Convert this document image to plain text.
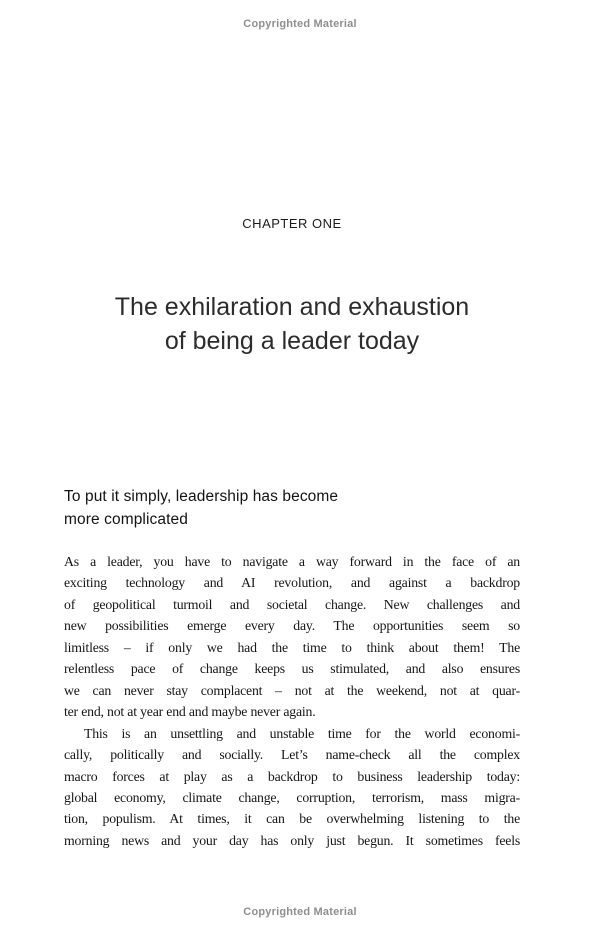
Copyrighted Material
CHAPTER ONE
The exhilaration and exhaustion
of being a leader today
To put it simply, leadership has become
more complicated
As a leader, you have to navigate a way forward in the face of an
exciting technology and AI revolution, and against a backdrop
of geopolitical turmoil and societal change. New challenges and
new possibilities emerge every day. The opportunities seem so
limitless – if only we had the time to think about them! The
relentless pace of change keeps us stimulated, and also ensures
we can never stay complacent – not at the weekend, not at quar-
ter end, not at year end and maybe never again.
This is an unsettling and unstable time for the world economi-
cally, politically and socially. Let’s name-check all the complex
macro forces at play as a backdrop to business leadership today:
global economy, climate change, corruption, terrorism, mass migra-
tion, populism. At times, it can be overwhelming listening to the
morning news and your day has only just begun. It sometimes feels
Copyrighted Material
